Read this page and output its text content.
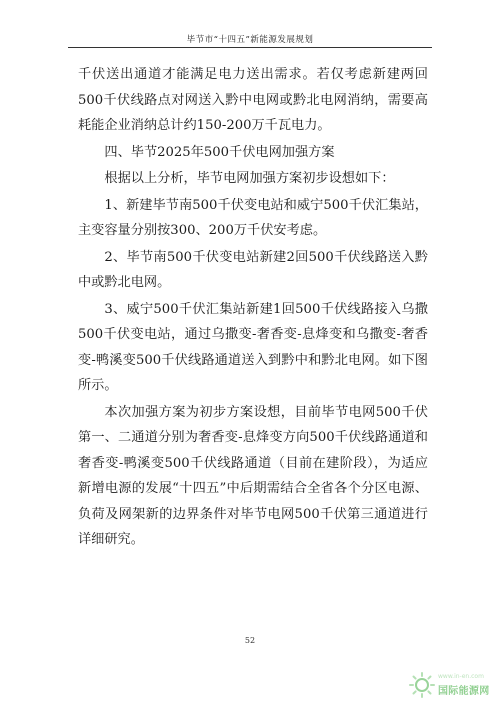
毕节市“十四五”新能源发展规划

千伏送出通道才能满足电力送出需求。若仅考虑新建两回500千伏线路点对网送入黔中电网或黔北电网消纳，需要高耗能企业消纳总计约150-200万千瓦电力。

四、毕节2025年500千伏电网加强方案

根据以上分析，毕节电网加强方案初步设想如下：

1、新建毕节南500千伏变电站和威宁500千伏汇集站，主变容量分别按300、200万千伏安考虑。

2、毕节南500千伏变电站新建2回500千伏线路送入黔中或黔北电网。

3、威宁500千伏汇集站新建1回500千伏线路接入乌撒500千伏变电站，通过乌撒变-奢香变-息烽变和乌撒变-奢香变-鸭溪变500千伏线路通道送入到黔中和黔北电网。如下图所示。

本次加强方案为初步方案设想，目前毕节电网500千伏第一、二通道分别为奢香变-息烽变方向500千伏线路通道和奢香变-鸭溪变500千伏线路通道（目前在建阶段），为适应新增电源的发展“十四五”中后期需结合全省各个分区电源、负荷及网架新的边界条件对毕节电网500千伏第三通道进行详细研究。

52
www.in-en.com
国际能源网
